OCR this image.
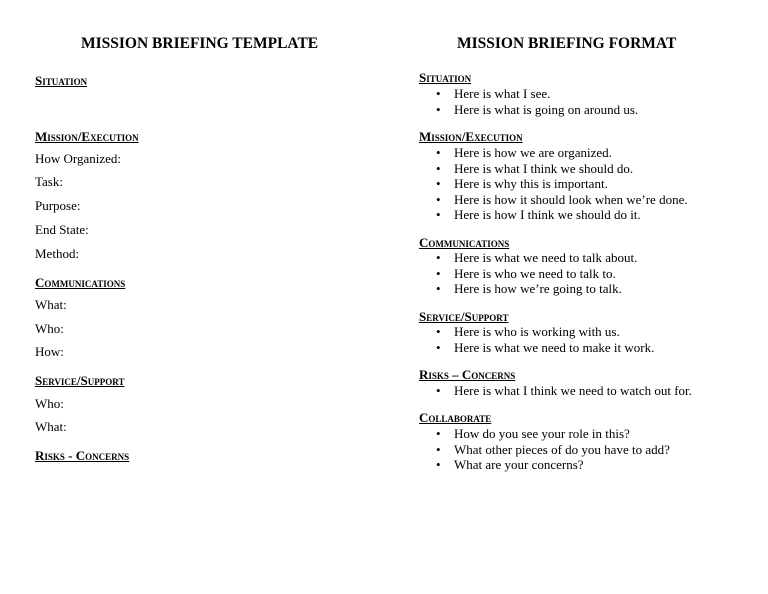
MISSION BRIEFING TEMPLATE
Situation
Mission/Execution
How Organized:
Task:
Purpose:
End State:
Method:
Communications
What:
Who:
How:
Service/Support
Who:
What:
Risks - Concerns
MISSION BRIEFING FORMAT
Situation
• Here is what I see.
• Here is what is going on around us.
Mission/Execution
• Here is how we are organized.
• Here is what I think we should do.
• Here is why this is important.
• Here is how it should look when we’re done.
• Here is how I think we should do it.
Communications
• Here is what we need to talk about.
• Here is who we need to talk to.
• Here is how we’re going to talk.
Service/Support
• Here is who is working with us.
• Here is what we need to make it work.
Risks – Concerns
• Here is what I think we need to watch out for.
Collaborate
• How do you see your role in this?
• What other pieces of do you have to add?
• What are your concerns?
